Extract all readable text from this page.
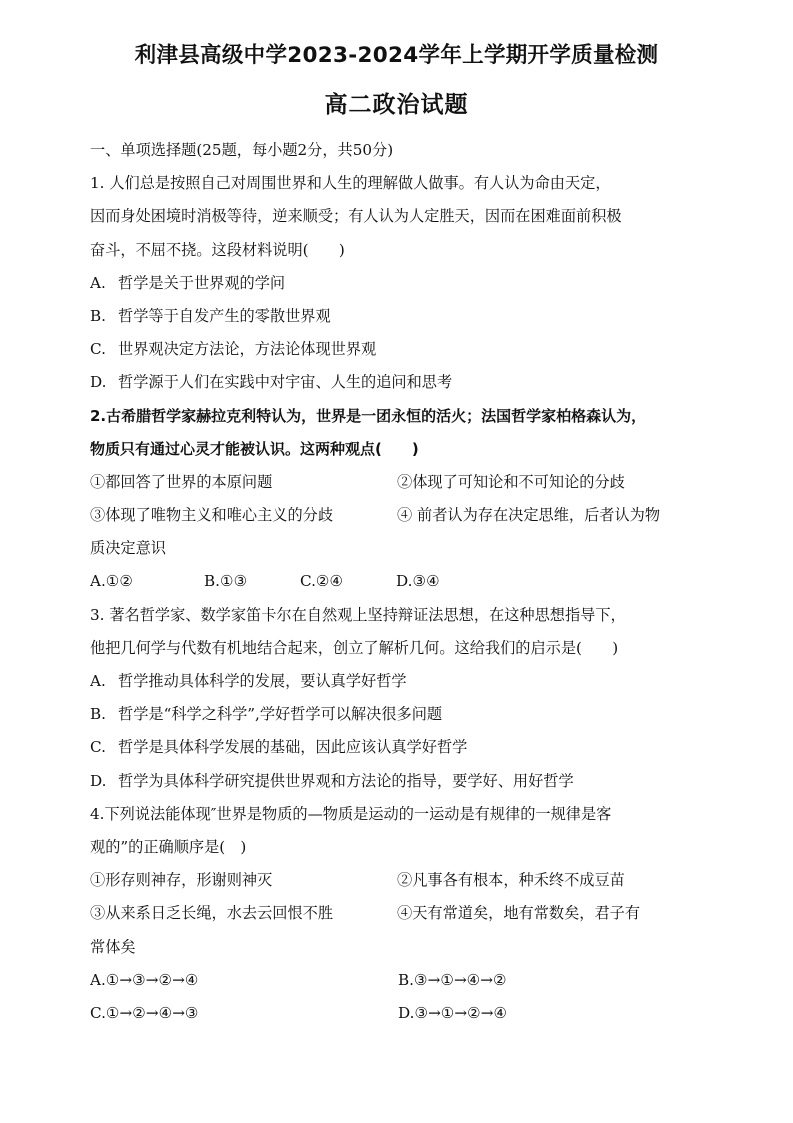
利津县高级中学2023-2024学年上学期开学质量检测
高二政治试题
一、单项选择题(25题，每小题2分，共50分)
1. 人们总是按照自己对周围世界和人生的理解做人做事。有人认为命由天定，
因而身处困境时消极等待，逆来顺受；有人认为人定胜天，因而在困难面前积极
奋斗，不屈不挠。这段材料说明(　　)
A. 哲学是关于世界观的学问
B. 哲学等于自发产生的零散世界观
C. 世界观决定方法论，方法论体现世界观
D. 哲学源于人们在实践中对宇宙、人生的追问和思考
2.古希腊哲学家赫拉克利特认为，世界是一团永恒的活火；法国哲学家柏格森认为，
物质只有通过心灵才能被认识。这两种观点(　　)
①都回答了世界的本原问题	②体现了可知论和不可知论的分歧
③体现了唯物主义和唯心主义的分歧	④ 前者认为存在决定思维，后者认为物
质决定意识
A.①②	B.①③	C.②④	D.③④
3. 著名哲学家、数学家笛卡尔在自然观上坚持辩证法思想，在这种思想指导下，
他把几何学与代数有机地结合起来，创立了解析几何。这给我们的启示是(　　)
A. 哲学推动具体科学的发展，要认真学好哲学
B. 哲学是“科学之科学”,学好哲学可以解决很多问题
C. 哲学是具体科学发展的基础，因此应该认真学好哲学
D. 哲学为具体科学研究提供世界观和方法论的指导，要学好、用好哲学
4.下列说法能体现″世界是物质的—物质是运动的一运动是有规律的一规律是客
观的”的正确顺序是(　)
①形存则神存，形谢则神灭	②凡事各有根本，种禾终不成豆苗
③从来系日乏长绳，水去云回恨不胜	④天有常道矣，地有常数矣，君子有
常体矣
A.①→③→②→④	B.③→①→④→②
C.①→②→④→③	D.③→①→②→④
